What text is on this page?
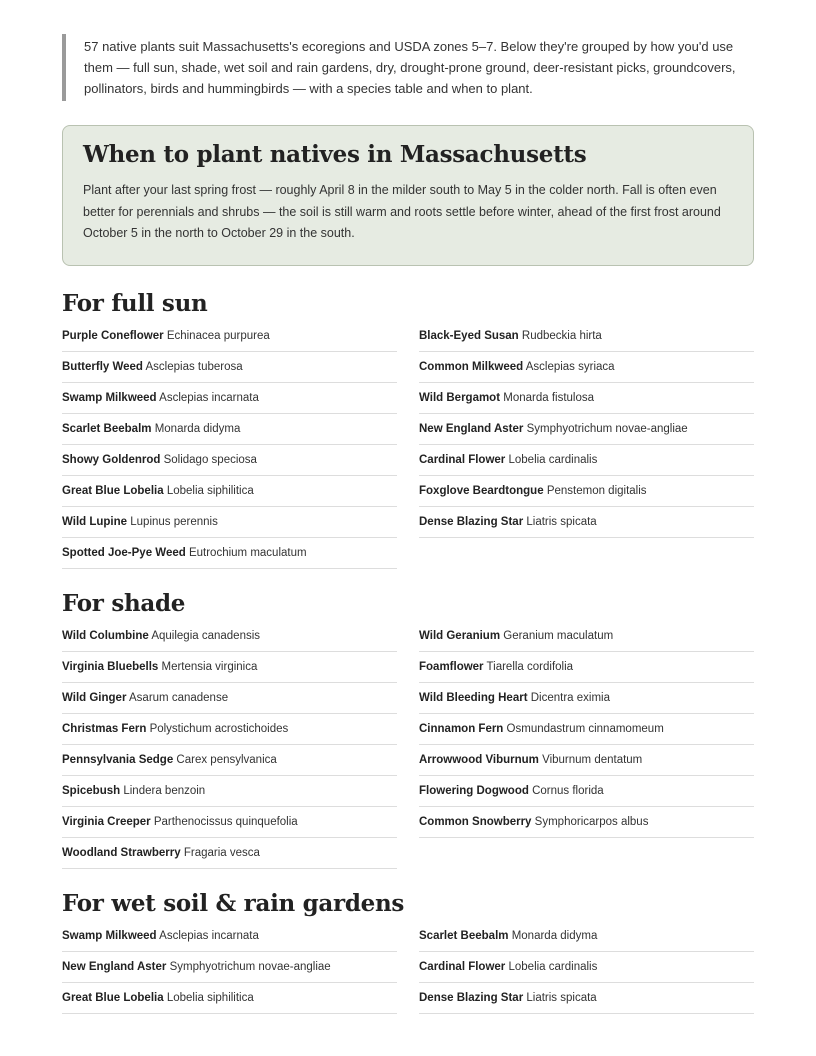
57 native plants suit Massachusetts's ecoregions and USDA zones 5–7. Below they're grouped by how you'd use them — full sun, shade, wet soil and rain gardens, dry, drought-prone ground, deer-resistant picks, groundcovers, pollinators, birds and hummingbirds — with a species table and when to plant.
When to plant natives in Massachusetts

Plant after your last spring frost — roughly April 8 in the milder south to May 5 in the colder north. Fall is often even better for perennials and shrubs — the soil is still warm and roots settle before winter, ahead of the first frost around October 5 in the north to October 29 in the south.

For full sun
Purple Coneflower Echinacea purpurea	Black-Eyed Susan Rudbeckia hirta
Butterfly Weed Asclepias tuberosa	Common Milkweed Asclepias syriaca
Swamp Milkweed Asclepias incarnata	Wild Bergamot Monarda fistulosa
Scarlet Beebalm Monarda didyma	New England Aster Symphyotrichum novae-angliae
Showy Goldenrod Solidago speciosa	Cardinal Flower Lobelia cardinalis
Great Blue Lobelia Lobelia siphilitica	Foxglove Beardtongue Penstemon digitalis
Wild Lupine Lupinus perennis	Dense Blazing Star Liatris spicata
Spotted Joe-Pye Weed Eutrochium maculatum
For shade
Wild Columbine Aquilegia canadensis	Wild Geranium Geranium maculatum
Virginia Bluebells Mertensia virginica	Foamflower Tiarella cordifolia
Wild Ginger Asarum canadense	Wild Bleeding Heart Dicentra eximia
Christmas Fern Polystichum acrostichoides	Cinnamon Fern Osmundastrum cinnamomeum
Pennsylvania Sedge Carex pensylvanica	Arrowwood Viburnum Viburnum dentatum
Spicebush Lindera benzoin	Flowering Dogwood Cornus florida
Virginia Creeper Parthenocissus quinquefolia	Common Snowberry Symphoricarpos albus
Woodland Strawberry Fragaria vesca
For wet soil & rain gardens
Swamp Milkweed Asclepias incarnata	Scarlet Beebalm Monarda didyma
New England Aster Symphyotrichum novae-angliae	Cardinal Flower Lobelia cardinalis
Great Blue Lobelia Lobelia siphilitica	Dense Blazing Star Liatris spicata
